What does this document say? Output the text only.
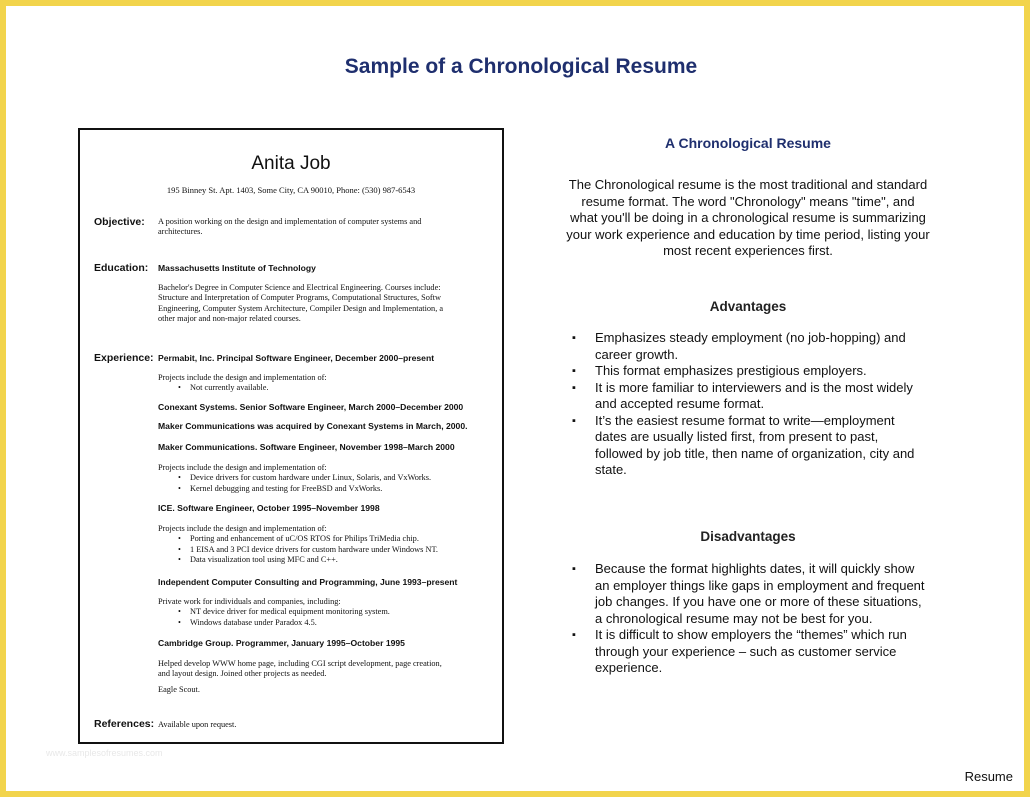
Sample of a Chronological Resume
Anita Job
195 Binney St. Apt. 1403, Some City, CA 90010, Phone: (530) 987-6543
Objective: A position working on the design and implementation of computer systems and
architectures.
Education: Massachusetts Institute of Technology
Bachelor's Degree in Computer Science and Electrical Engineering. Courses include:
Structure and Interpretation of Computer Programs, Computational Structures, Softw
Engineering, Computer System Architecture, Compiler Design and Implementation, a
other major and non-major related courses.
Experience: Permabit, Inc. Principal Software Engineer, December 2000–present
Projects include the design and implementation of:
• Not currently available.
Conexant Systems. Senior Software Engineer, March 2000–December 2000
Maker Communications was acquired by Conexant Systems in March, 2000.
Maker Communications. Software Engineer, November 1998–March 2000
Projects include the design and implementation of:
• Device drivers for custom hardware under Linux, Solaris, and VxWorks.
• Kernel debugging and testing for FreeBSD and VxWorks.
ICE. Software Engineer, October 1995–November 1998
Projects include the design and implementation of:
• Porting and enhancement of uC/OS RTOS for Philips TriMedia chip.
• 1 EISA and 3 PCI device drivers for custom hardware under Windows NT.
• Data visualization tool using MFC and C++.
Independent Computer Consulting and Programming, June 1993–present
Private work for individuals and companies, including:
• NT device driver for medical equipment monitoring system.
• Windows database under Paradox 4.5.
Cambridge Group. Programmer, January 1995–October 1995
Helped develop WWW home page, including CGI script development, page creation,
and layout design. Joined other projects as needed.
Eagle Scout.
References: Available upon request.
www.samplesofresumes.com
A Chronological Resume
The Chronological resume is the most traditional and standard resume format. The word "Chronology" means "time", and what you'll be doing in a chronological resume is summarizing your work experience and education by time period, listing your most recent experiences first.
Advantages
▪ Emphasizes steady employment (no job-hopping) and career growth.
▪ This format emphasizes prestigious employers.
▪ It is more familiar to interviewers and is the most widely and accepted resume format.
▪ It’s the easiest resume format to write—employment dates are usually listed first, from present to past, followed by job title, then name of organization, city and state.
Disadvantages
▪ Because the format highlights dates, it will quickly show an employer things like gaps in employment and frequent job changes. If you have one or more of these situations, a chronological resume may not be best for you.
▪ It is difficult to show employers the “themes” which run through your experience – such as customer service experience.
Resume
